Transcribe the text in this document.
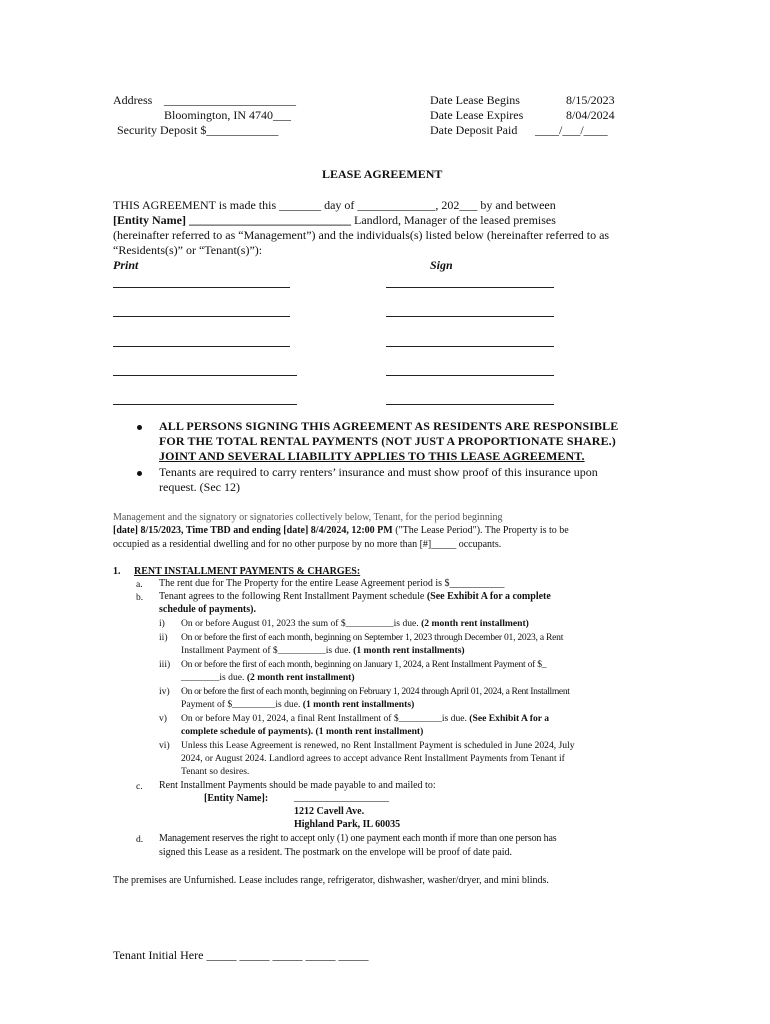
Address ______________________
Bloomington, IN 4740___
Security Deposit $____________
Date Lease Begins	8/15/2023
Date Lease Expires	8/04/2024
Date Deposit Paid ____/___/____
LEASE AGREEMENT
THIS AGREEMENT is made this _______ day of _____________, 202___ by and between
[Entity Name] ___________________________ Landlord, Manager of the leased premises
(hereinafter referred to as “Management”) and the individuals(s) listed below (hereinafter referred to as
“Residents(s)” or “Tenant(s)”):
Print	Sign
ALL PERSONS SIGNING THIS AGREEMENT AS RESIDENTS ARE RESPONSIBLE
FOR THE TOTAL RENTAL PAYMENTS (NOT JUST A PROPORTIONATE SHARE.)
JOINT AND SEVERAL LIABILITY APPLIES TO THIS LEASE AGREEMENT.
Tenants are required to carry renters’ insurance and must show proof of this insurance upon
request. (Sec 12)
Management and the signatory or signatories collectively below, Tenant, for the period beginning
[date] 8/15/2023, Time TBD and ending [date] 8/4/2024, 12:00 PM ("The Lease Period"). The Property is to be
occupied as a residential dwelling and for no other purpose by no more than [#]_____ occupants.
1. RENT INSTALLMENT PAYMENTS & CHARGES:
a. The rent due for The Property for the entire Lease Agreement period is $___________
b. Tenant agrees to the following Rent Installment Payment schedule (See Exhibit A for a complete
schedule of payments).
i) On or before August 01, 2023 the sum of $__________is due. (2 month rent installment)
ii) On or before the first of each month, beginning on September 1, 2023 through December 01, 2023, a Rent
Installment Payment of $__________is due. (1 month rent installments)
iii) On or before the first of each month, beginning on January 1, 2024, a Rent Installment Payment of $_
________is due. (2 month rent installment)
iv) On or before the first of each month, beginning on February 1, 2024 through April 01, 2024, a Rent Installment
Payment of $_________is due. (1 month rent installments)
v) On or before May 01, 2024, a final Rent Installment of $_________is due. (See Exhibit A for a
complete schedule of payments). (1 month rent installment)
vi) Unless this Lease Agreement is renewed, no Rent Installment Payment is scheduled in June 2024, July
2024, or August 2024. Landlord agrees to accept advance Rent Installment Payments from Tenant if
Tenant so desires.
c. Rent Installment Payments should be made payable to and mailed to:
[Entity Name]:	___________________
1212 Cavell Ave.
Highland Park, IL 60035
d. Management reserves the right to accept only (1) one payment each month if more than one person has
signed this Lease as a resident. The postmark on the envelope will be proof of date paid.
The premises are Unfurnished. Lease includes range, refrigerator, dishwasher, washer/dryer, and mini blinds.
Tenant Initial Here _____ _____ _____ _____ _____
